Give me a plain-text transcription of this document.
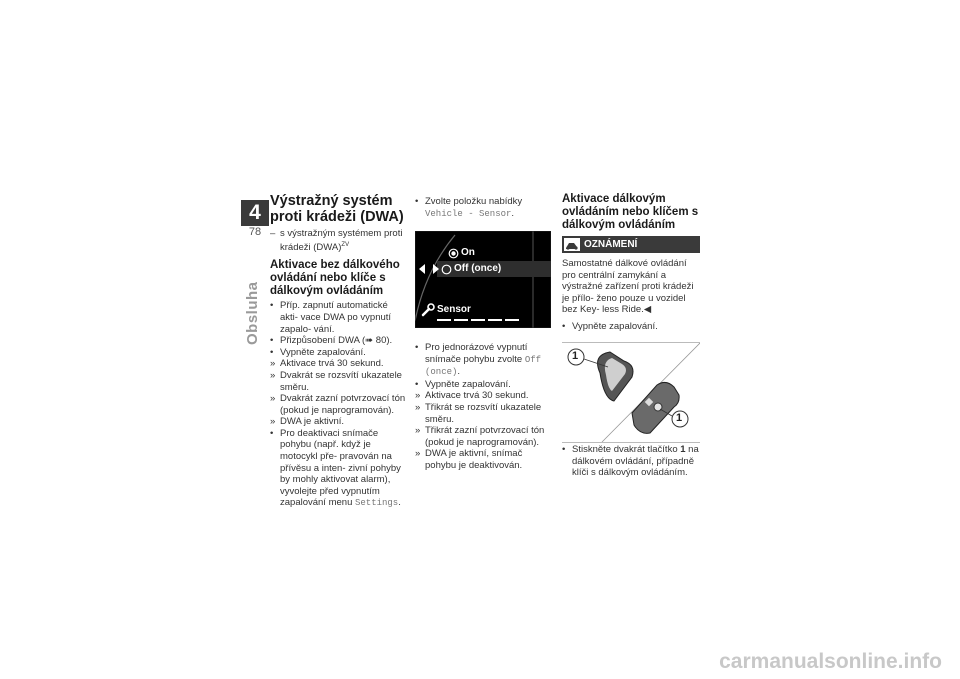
4
78
Obsluha
Výstražný systém proti krádeži (DWA)

– s výstražným systémem proti krádeži (DWA)$^{ZV}$

Aktivace bez dálkového ovládání nebo klíče s dálkovým ovládáním

• Příp. zapnutí automatické akti- vace DWA po vypnutí zapalo- vání.

• Přizpůsobení DWA (➠ 80).

• Vypněte zapalování.

» Aktivace trvá 30 sekund.

» Dvakrát se rozsvítí ukazatele směru.

» Dvakrát zazní potvrzovací tón (pokud je naprogramován).

» DWA je aktivní.

• Pro deaktivaci snímače pohybu (např. když je motocykl pře- pravován na přívěsu a inten- zivní pohyby by mohly aktivovat alarm), vyvolejte před vypnutím zapalování menu Settings.

• Zvolte položku nabídky
Vehicle - Sensor.

On
Off (once)
Sensor

• Pro jednorázové vypnutí snímače pohybu zvolte Off (once).

• Vypněte zapalování.

» Aktivace trvá 30 sekund.

» Třikrát se rozsvítí ukazatele směru.

» Třikrát zazní potvrzovací tón (pokud je naprogramován).

» DWA je aktivní, snímač pohybu je deaktivován.

Aktivace dálkovým ovládáním nebo klíčem s dálkovým ovládáním
OZNÁMENÍ

Samostatné dálkové ovládání pro centrální zamykání a výstražné zařízení proti krádeži je přílo- ženo pouze u vozidel bez Key- less Ride.◀

• Vypněte zapalování.

1
1

• Stiskněte dvakrát tlačítko 1 na dálkovém ovládání, případně klíči s dálkovým ovládáním.

carmanualsonline.info
